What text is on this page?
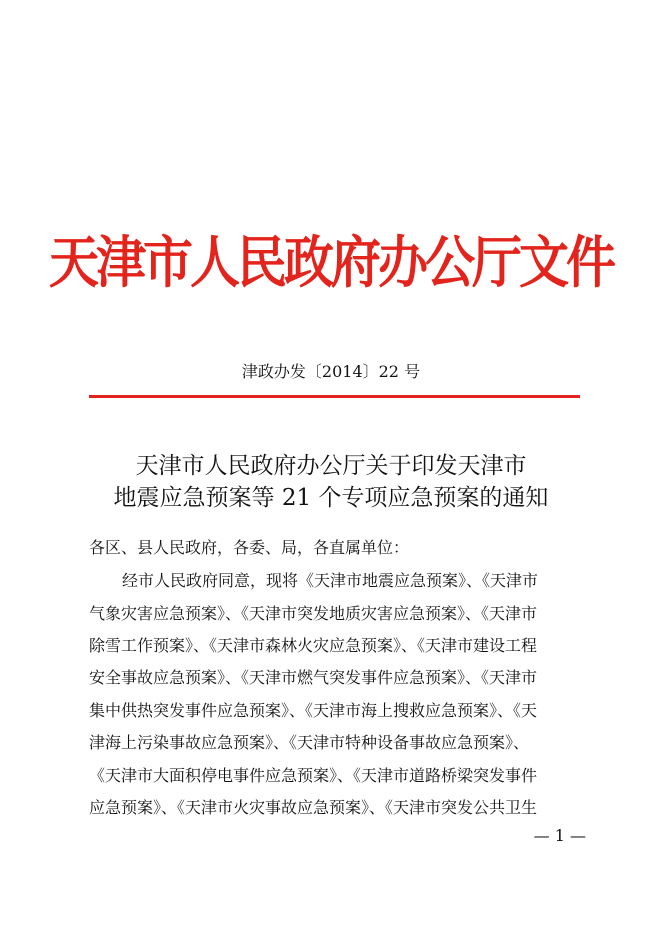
天津市人民政府办公厅文件
津政办发〔2014〕22 号
天津市人民政府办公厅关于印发天津市
地震应急预案等 21 个专项应急预案的通知
各区、县人民政府，各委、局，各直属单位：
经市人民政府同意，现将《天津市地震应急预案》、《天津市
气象灾害应急预案》、《天津市突发地质灾害应急预案》、《天津市
除雪工作预案》、《天津市森林火灾应急预案》、《天津市建设工程
安全事故应急预案》、《天津市燃气突发事件应急预案》、《天津市
集中供热突发事件应急预案》、《天津市海上搜救应急预案》、《天
津海上污染事故应急预案》、《天津市特种设备事故应急预案》、
《天津市大面积停电事件应急预案》、《天津市道路桥梁突发事件
应急预案》、《天津市火灾事故应急预案》、《天津市突发公共卫生
— 1 —
